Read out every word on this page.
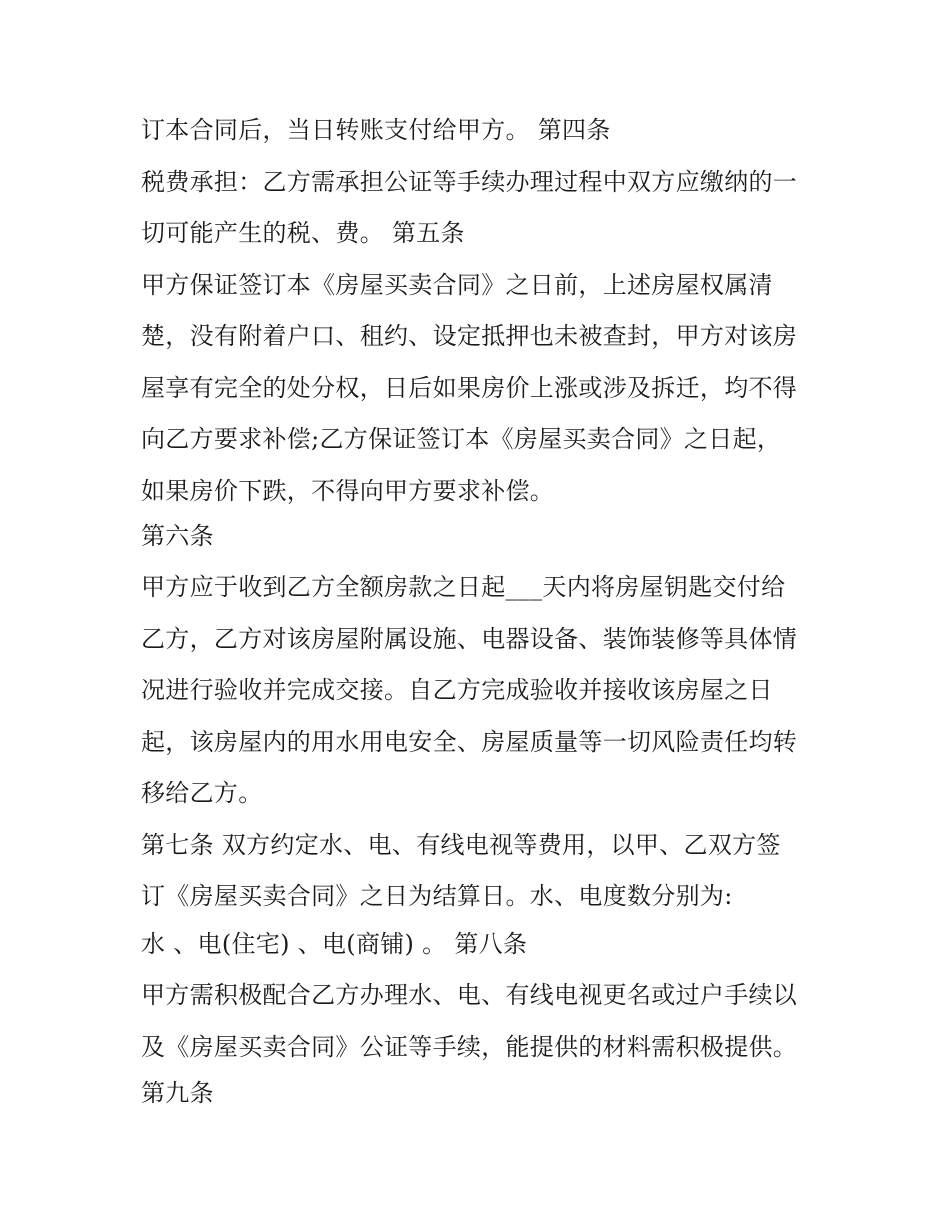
订本合同后，当日转账支付给甲方。 第四条
税费承担：乙方需承担公证等手续办理过程中双方应缴纳的一
切可能产生的税、费。 第五条
甲方保证签订本《房屋买卖合同》之日前，上述房屋权属清
楚，没有附着户口、租约、设定抵押也未被查封，甲方对该房
屋享有完全的处分权，日后如果房价上涨或涉及拆迁，均不得
向乙方要求补偿;乙方保证签订本《房屋买卖合同》之日起，
如果房价下跌，不得向甲方要求补偿。
第六条
甲方应于收到乙方全额房款之日起___天内将房屋钥匙交付给
乙方，乙方对该房屋附属设施、电器设备、装饰装修等具体情
况进行验收并完成交接。自乙方完成验收并接收该房屋之日
起，该房屋内的用水用电安全、房屋质量等一切风险责任均转
移给乙方。
第七条 双方约定水、电、有线电视等费用，以甲、乙双方签
订《房屋买卖合同》之日为结算日。水、电度数分别为:
水 、电(住宅) 、电(商铺) 。 第八条
甲方需积极配合乙方办理水、电、有线电视更名或过户手续以
及《房屋买卖合同》公证等手续，能提供的材料需积极提供。
第九条
